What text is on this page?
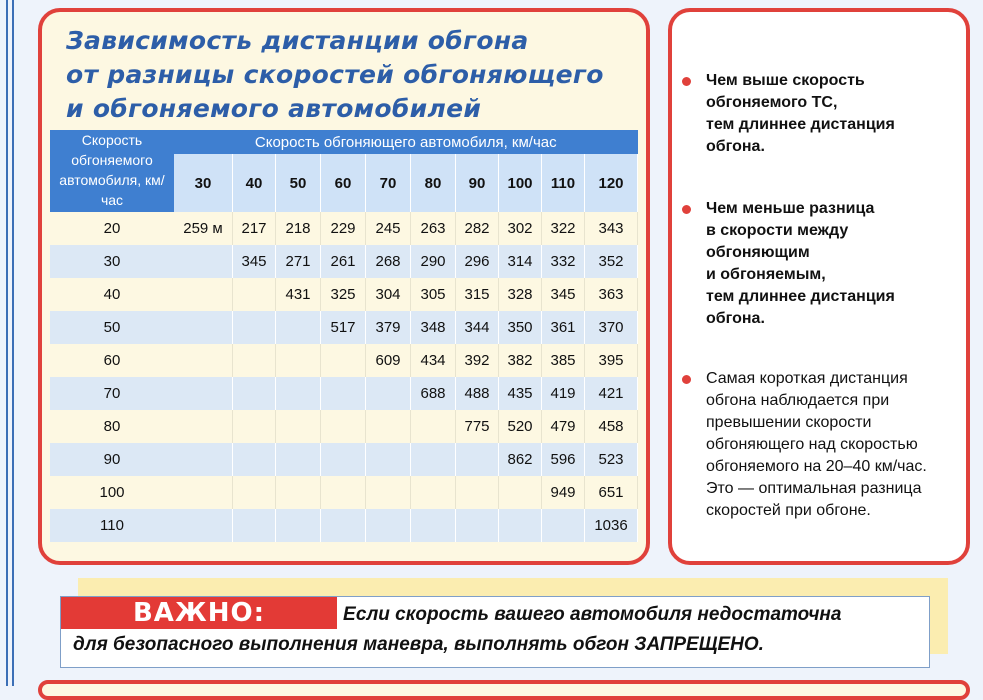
Зависимость дистанции обгона
от разницы скоростей обгоняющего
и обгоняемого автомобилей
Скорость обгоняемого автомобиля, км/час	Скорость обгоняющего автомобиля, км/час									
	30	40	50	60	70	80	90	100	110	120
20	259 м	217	218	229	245	263	282	302	322	343
30		345	271	261	268	290	296	314	332	352
40			431	325	304	305	315	328	345	363
50				517	379	348	344	350	361	370
60					609	434	392	382	385	395
70						688	488	435	419	421
80							775	520	479	458
90								862	596	523
100									949	651
110										1036
Чем выше скорость
обгоняемого ТС,
тем длиннее дистанция
обгона.
Чем меньше разница
в скорости между
обгоняющим
и обгоняемым,
тем длиннее дистанция
обгона.
Самая короткая дистанция
обгона наблюдается при
превышении скорости
обгоняющего над скоростью
обгоняемого на 20–40 км/час.
Это — оптимальная разница
скоростей при обгоне.
ВАЖНО:	Если скорость вашего автомобиля недостаточна
для безопасного выполнения маневра, выполнять обгон ЗАПРЕЩЕНО.
